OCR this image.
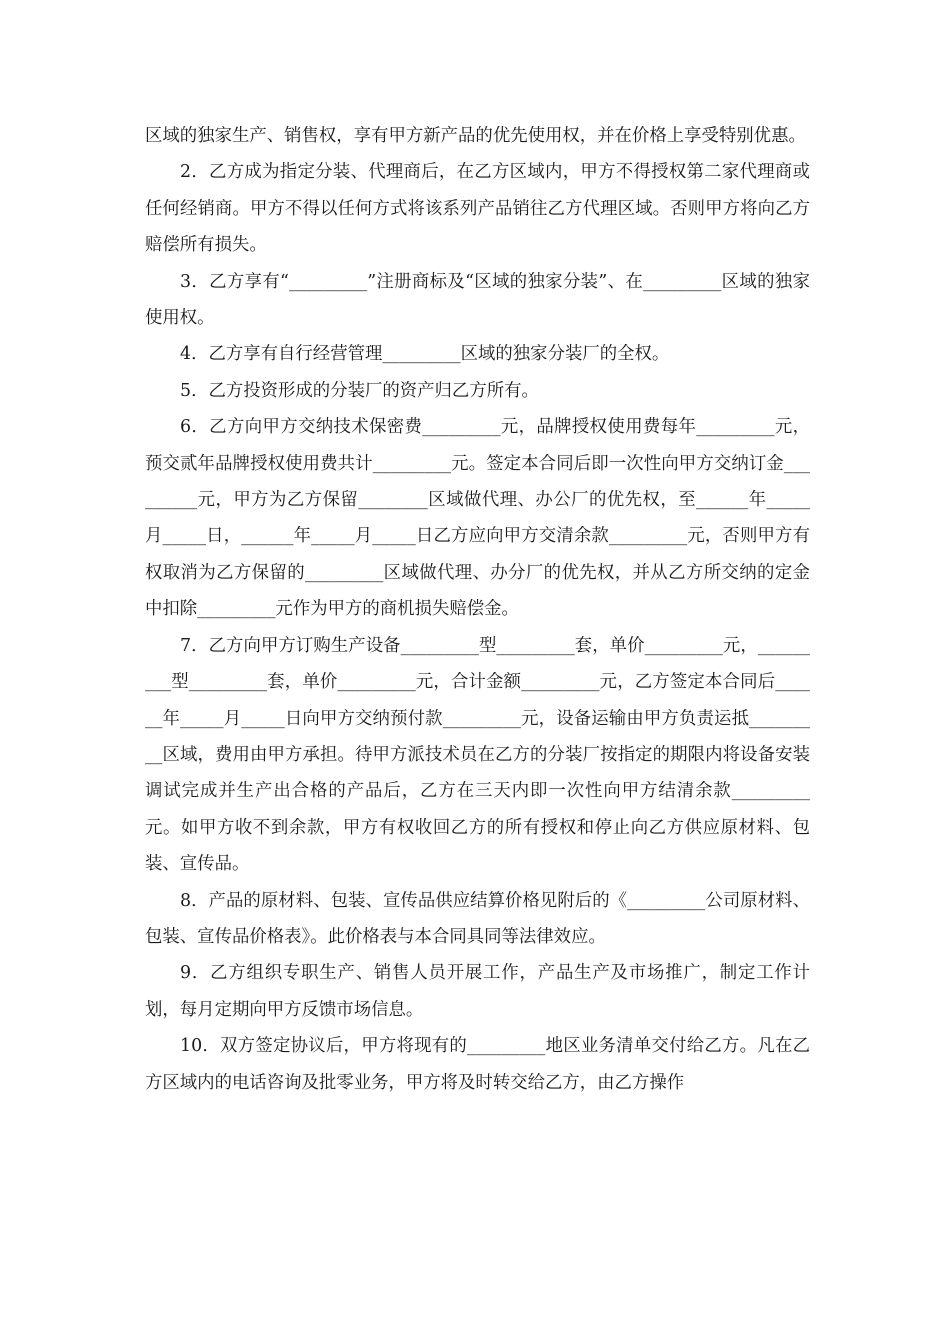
区域的独家生产、销售权，享有甲方新产品的优先使用权，并在价格上享受特别优惠。

2．乙方成为指定分装、代理商后，在乙方区域内，甲方不得授权第二家代理商或任何经销商。甲方不得以任何方式将该系列产品销往乙方代理区域。否则甲方将向乙方赔偿所有损失。

3．乙方享有“_________”注册商标及“区域的独家分装”、在_________区域的独家使用权。

4．乙方享有自行经营管理_________区域的独家分装厂的全权。

5．乙方投资形成的分装厂的资产归乙方所有。

6．乙方向甲方交纳技术保密费_________元，品牌授权使用费每年_________元，预交贰年品牌授权使用费共计_________元。签定本合同后即一次性向甲方交纳订金_________元，甲方为乙方保留________区域做代理、办公厂的优先权，至______年_____月_____日，______年_____月_____日乙方应向甲方交清余款_________元，否则甲方有权取消为乙方保留的_________区域做代理、办分厂的优先权，并从乙方所交纳的定金中扣除_________元作为甲方的商机损失赔偿金。

7．乙方向甲方订购生产设备_________型_________套，单价_________元，_________型_________套，单价_________元，合计金额_________元，乙方签定本合同后______年_____月_____日向甲方交纳预付款_________元，设备运输由甲方负责运抵_________区域，费用由甲方承担。待甲方派技术员在乙方的分装厂按指定的期限内将设备安装调试完成并生产出合格的产品后，乙方在三天内即一次性向甲方结清余款_________元。如甲方收不到余款，甲方有权收回乙方的所有授权和停止向乙方供应原材料、包装、宣传品。

8．产品的原材料、包装、宣传品供应结算价格见附后的《_________公司原材料、包装、宣传品价格表》。此价格表与本合同具同等法律效应。

9．乙方组织专职生产、销售人员开展工作，产品生产及市场推广，制定工作计划，每月定期向甲方反馈市场信息。

10．双方签定协议后，甲方将现有的_________地区业务清单交付给乙方。凡在乙方区域内的电话咨询及批零业务，甲方将及时转交给乙方，由乙方操作
